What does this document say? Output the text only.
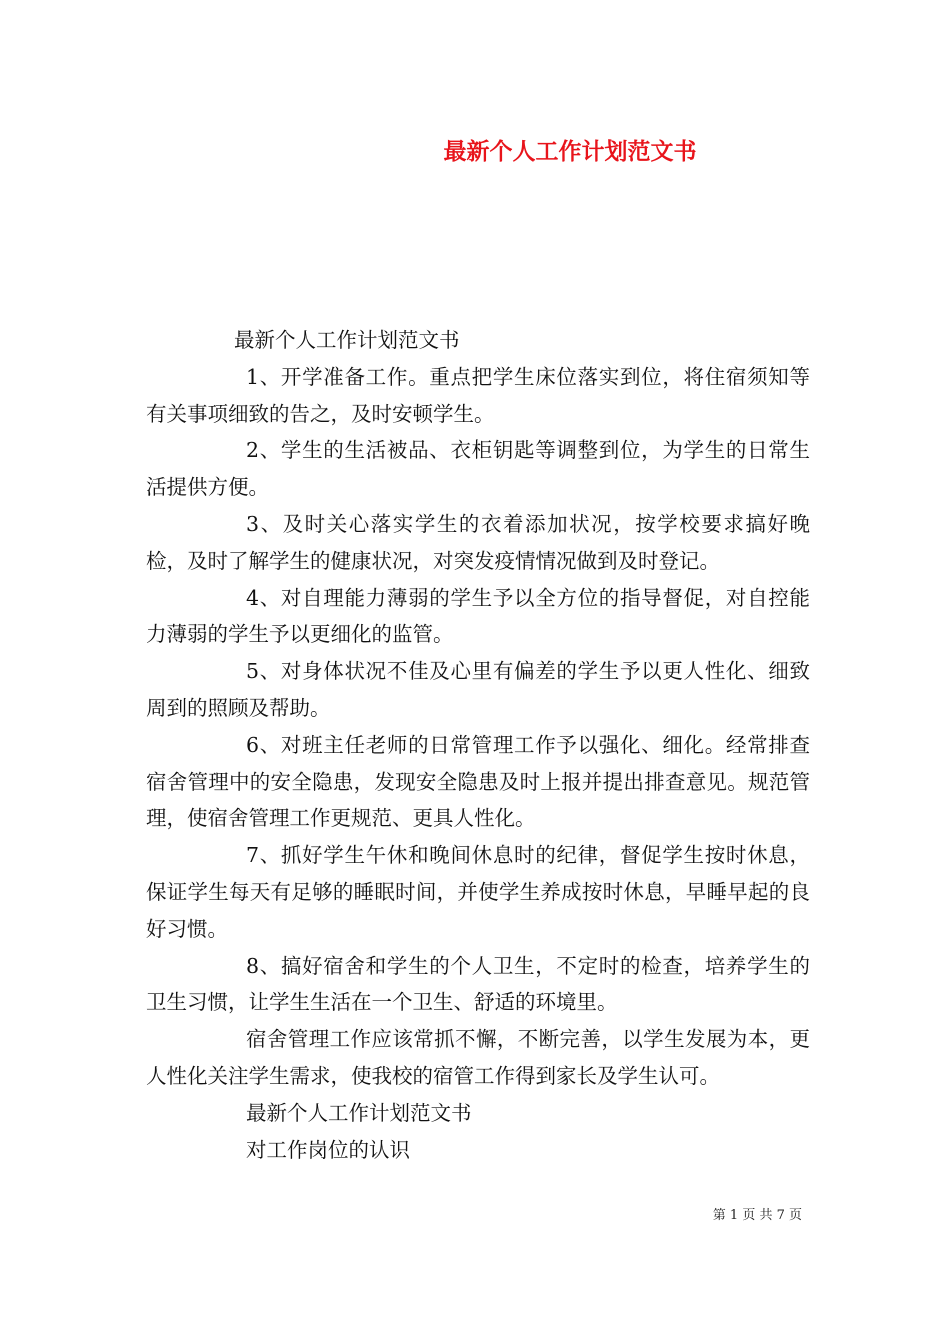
最新个人工作计划范文书

最新个人工作计划范文书

1、开学准备工作。重点把学生床位落实到位，将住宿须知等有关事项细致的告之，及时安顿学生。

2、学生的生活被品、衣柜钥匙等调整到位，为学生的日常生活提供方便。

3、及时关心落实学生的衣着添加状况，按学校要求搞好晚检，及时了解学生的健康状况，对突发疫情情况做到及时登记。

4、对自理能力薄弱的学生予以全方位的指导督促，对自控能力薄弱的学生予以更细化的监管。

5、对身体状况不佳及心里有偏差的学生予以更人性化、细致周到的照顾及帮助。

6、对班主任老师的日常管理工作予以强化、细化。经常排查宿舍管理中的安全隐患，发现安全隐患及时上报并提出排查意见。规范管理，使宿舍管理工作更规范、更具人性化。

7、抓好学生午休和晚间休息时的纪律，督促学生按时休息，保证学生每天有足够的睡眠时间，并使学生养成按时休息，早睡早起的良好习惯。

8、搞好宿舍和学生的个人卫生，不定时的检查，培养学生的卫生习惯，让学生生活在一个卫生、舒适的环境里。

宿舍管理工作应该常抓不懈，不断完善，以学生发展为本，更人性化关注学生需求，使我校的宿管工作得到家长及学生认可。

最新个人工作计划范文书

对工作岗位的认识

第 1 页 共 7 页
